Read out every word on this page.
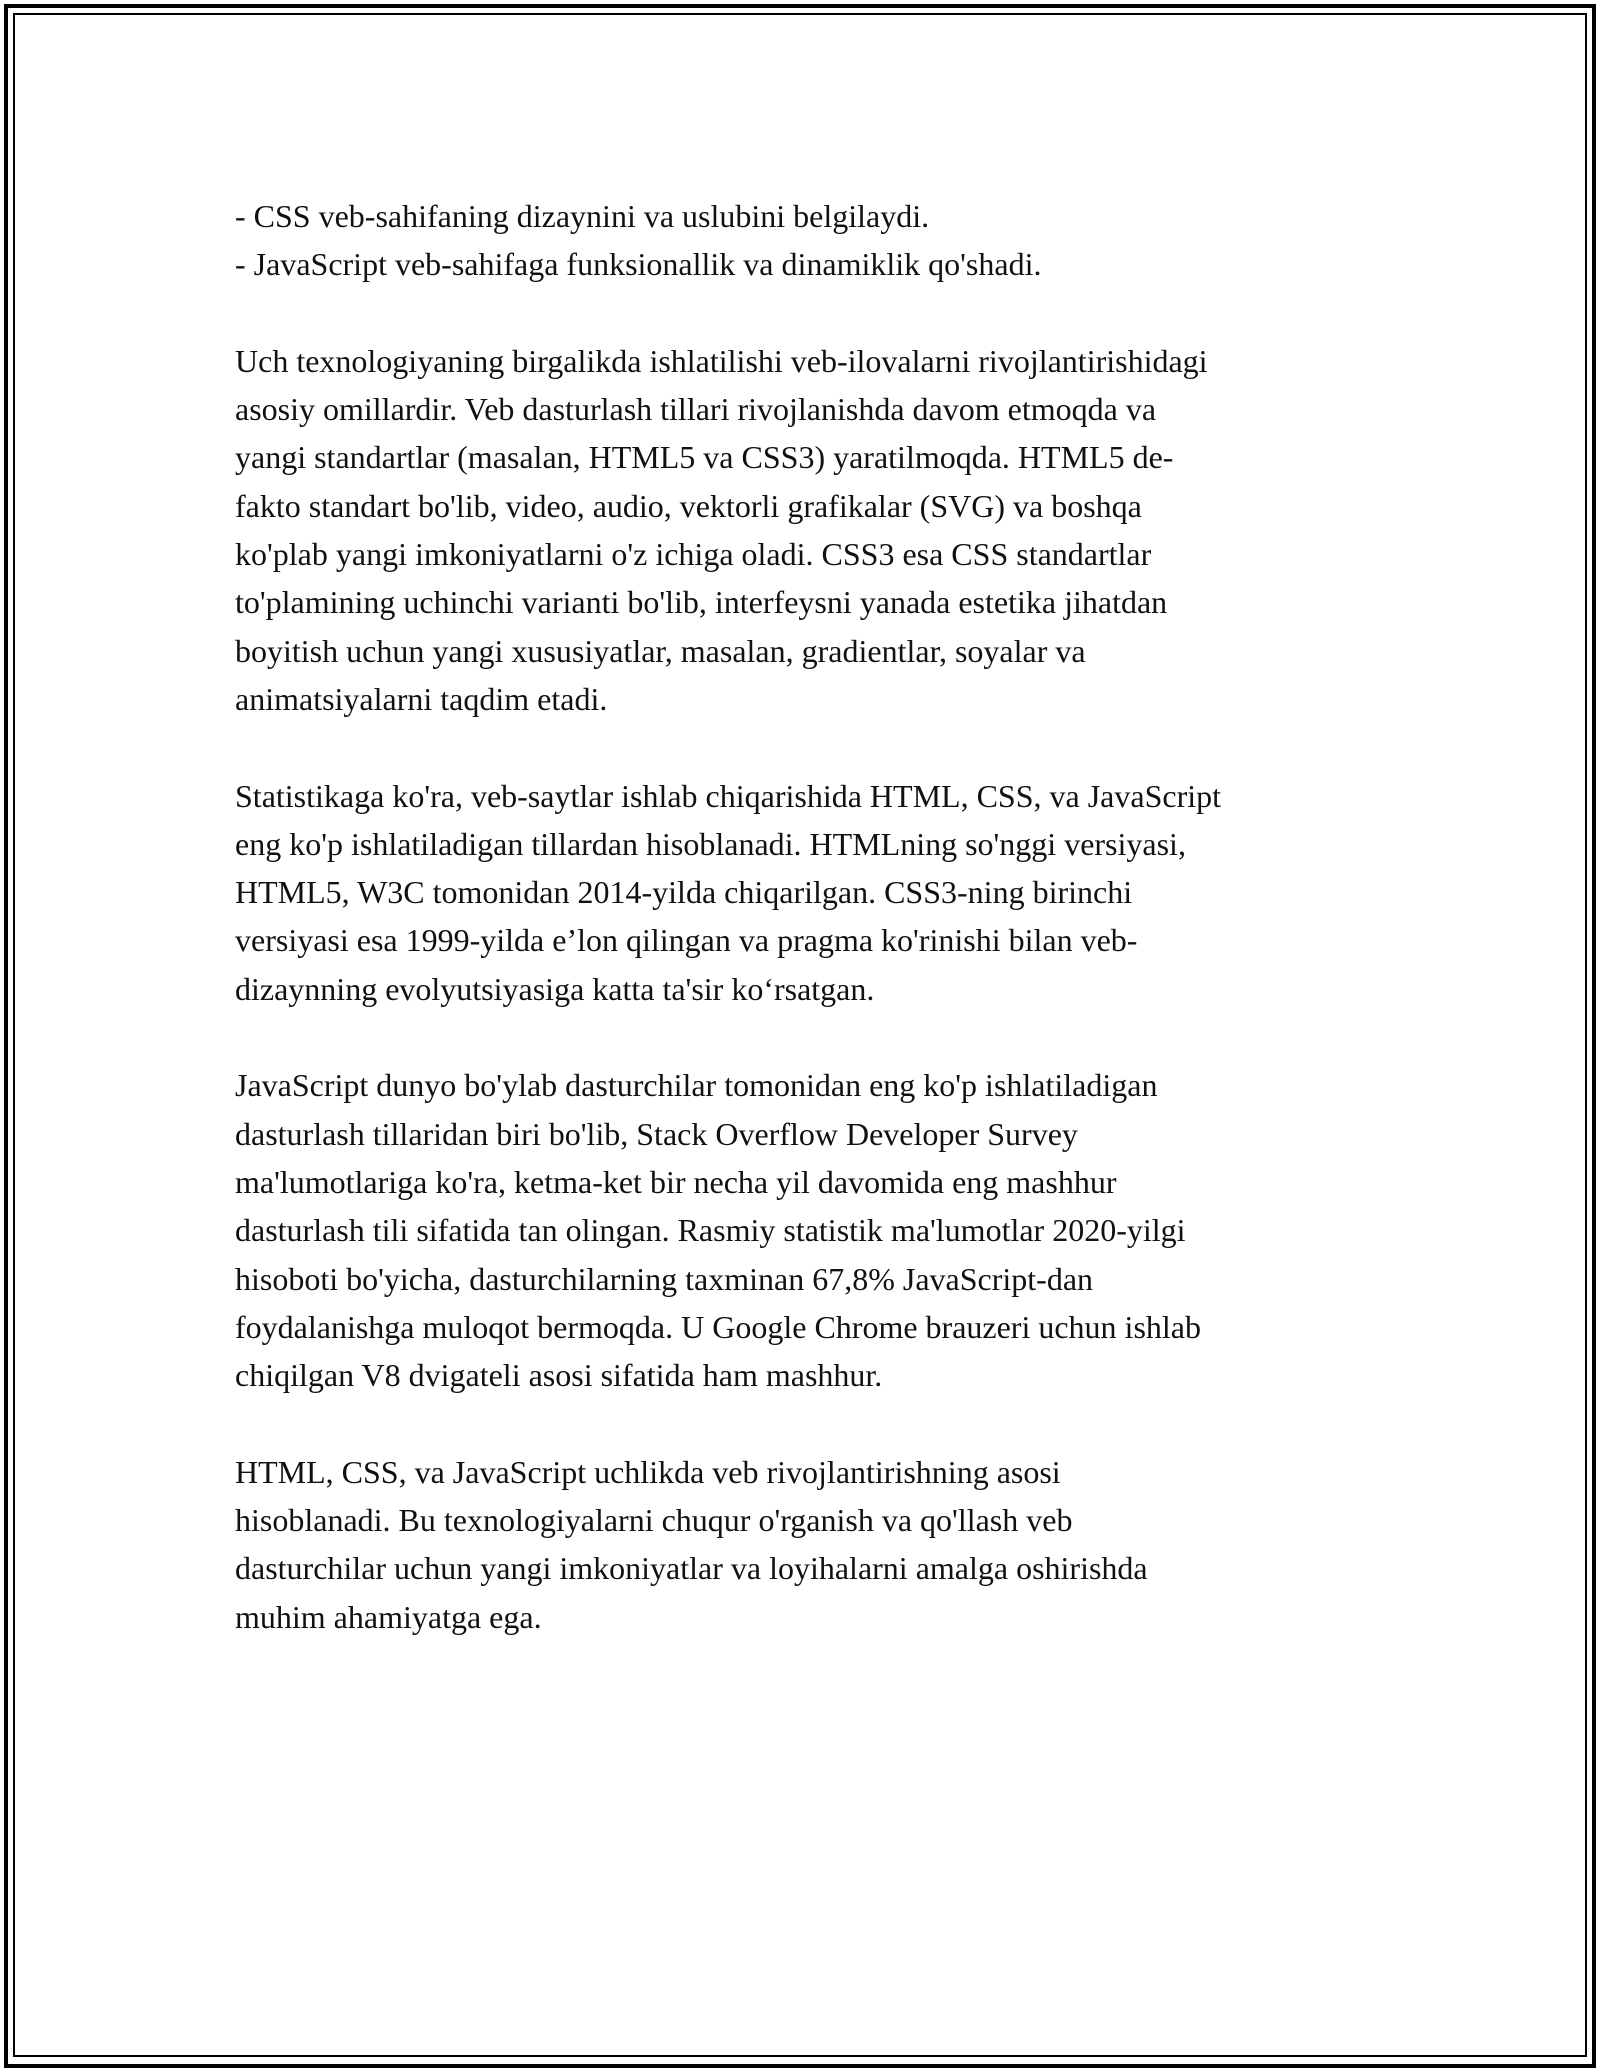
- CSS veb-sahifaning dizaynini va uslubini belgilaydi.
- JavaScript veb-sahifaga funksionallik va dinamiklik qo'shadi.
Uch texnologiyaning birgalikda ishlatilishi veb-ilovalarni rivojlantirishidagi
asosiy omillardir. Veb dasturlash tillari rivojlanishda davom etmoqda va
yangi standartlar (masalan, HTML5 va CSS3) yaratilmoqda. HTML5 de-
fakto standart bo'lib, video, audio, vektorli grafikalar (SVG) va boshqa
ko'plab yangi imkoniyatlarni o'z ichiga oladi. CSS3 esa CSS standartlar
to'plamining uchinchi varianti bo'lib, interfeysni yanada estetika jihatdan
boyitish uchun yangi xususiyatlar, masalan, gradientlar, soyalar va
animatsiyalarni taqdim etadi.
Statistikaga ko'ra, veb-saytlar ishlab chiqarishida HTML, CSS, va JavaScript
eng ko'p ishlatiladigan tillardan hisoblanadi. HTMLning so'nggi versiyasi,
HTML5, W3C tomonidan 2014-yilda chiqarilgan. CSS3-ning birinchi
versiyasi esa 1999-yilda e’lon qilingan va pragma ko'rinishi bilan veb-
dizaynning evolyutsiyasiga katta ta'sir ko‘rsatgan.
JavaScript dunyo bo'ylab dasturchilar tomonidan eng ko'p ishlatiladigan
dasturlash tillaridan biri bo'lib, Stack Overflow Developer Survey
ma'lumotlariga ko'ra, ketma-ket bir necha yil davomida eng mashhur
dasturlash tili sifatida tan olingan. Rasmiy statistik ma'lumotlar 2020-yilgi
hisoboti bo'yicha, dasturchilarning taxminan 67,8% JavaScript-dan
foydalanishga muloqot bermoqda. U Google Chrome brauzeri uchun ishlab
chiqilgan V8 dvigateli asosi sifatida ham mashhur.
HTML, CSS, va JavaScript uchlikda veb rivojlantirishning asosi
hisoblanadi. Bu texnologiyalarni chuqur o'rganish va qo'llash veb
dasturchilar uchun yangi imkoniyatlar va loyihalarni amalga oshirishda
muhim ahamiyatga ega.
